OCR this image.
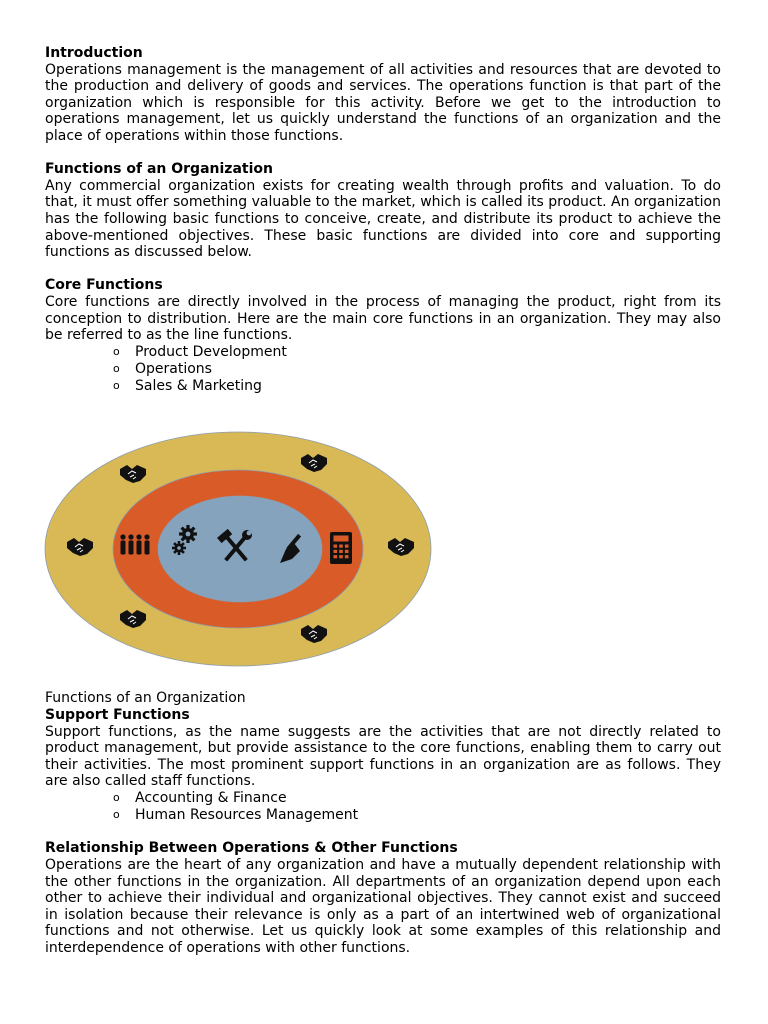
Introduction

Operations management is the management of all activities and resources that are devoted to the production and delivery of goods and services. The operations function is that part of the organization which is responsible for this activity. Before we get to the introduction to operations management, let us quickly understand the functions of an organization and the place of operations within those functions.

Functions of an Organization

Any commercial organization exists for creating wealth through profits and valuation. To do that, it must offer something valuable to the market, which is called its product. An organization has the following basic functions to conceive, create, and distribute its product to achieve the above-mentioned objectives. These basic functions are divided into core and supporting functions as discussed below.

Core Functions

Core functions are directly involved in the process of managing the product, right from its conception to distribution. Here are the main core functions in an organization. They may also be referred to as the line functions.

o Product Development
o Operations
o Sales & Marketing

Functions of an Organization

Support Functions

Support functions, as the name suggests are the activities that are not directly related to product management, but provide assistance to the core functions, enabling them to carry out their activities. The most prominent support functions in an organization are as follows. They are also called staff functions.

o Accounting & Finance
o Human Resources Management
Relationship Between Operations & Other Functions

Operations are the heart of any organization and have a mutually dependent relationship with the other functions in the organization. All departments of an organization depend upon each other to achieve their individual and organizational objectives. They cannot exist and succeed in isolation because their relevance is only as a part of an intertwined web of organizational functions and not otherwise. Let us quickly look at some examples of this relationship and interdependence of operations with other functions.
